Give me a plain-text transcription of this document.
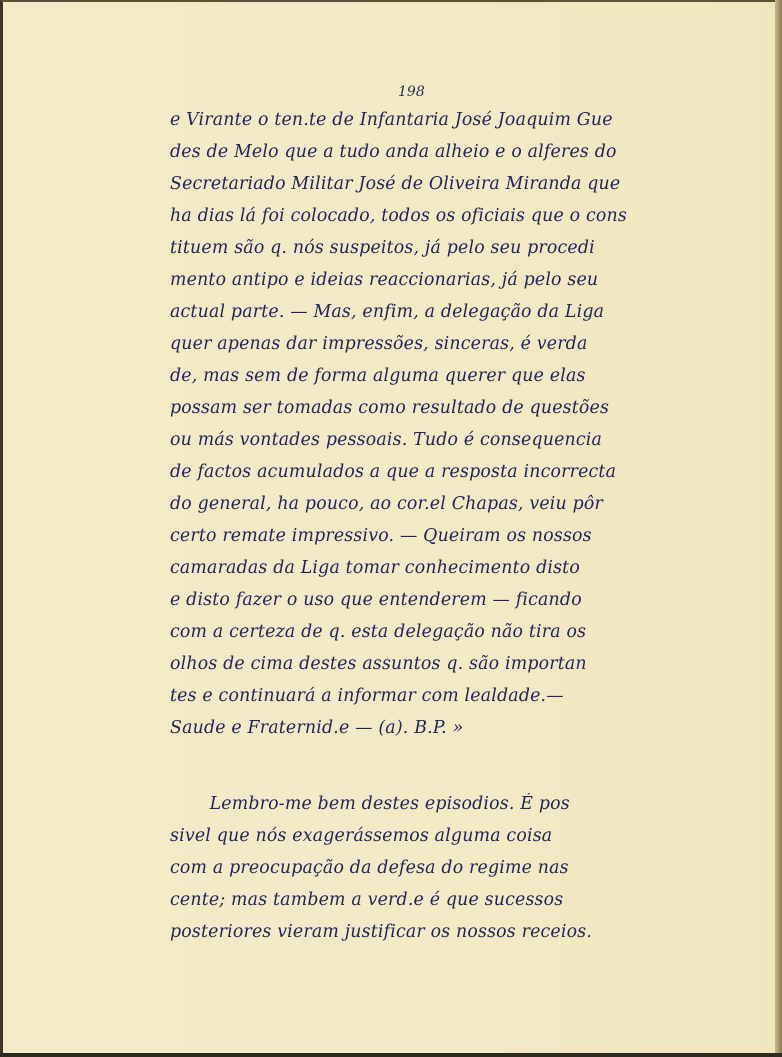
198
e Virante o ten.te de Infantaria José Joaquim Gue
des de Melo que a tudo anda alheio e o alferes do
Secretariado Militar José de Oliveira Miranda que
ha dias lá foi colocado, todos os oficiais que o cons
tituem são q. nós suspeitos, já pelo seu procedi
mento antipo e ideias reaccionarias, já pelo seu
actual parte. — Mas, enfim, a delegação da Liga
quer apenas dar impressões, sinceras, é verda
de, mas sem de forma alguma querer que elas
possam ser tomadas como resultado de questões
ou más vontades pessoais. Tudo é consequencia
de factos acumulados a que a resposta incorrecta
do general, ha pouco, ao cor.el Chapas, veiu pôr
certo remate impressivo. — Queiram os nossos
camaradas da Liga tomar conhecimento disto
e disto fazer o uso que entenderem — ficando
com a certeza de q. esta delegação não tira os
olhos de cima destes assuntos q. são importan
tes e continuará a informar com lealdade.—
Saude e Fraternid.e — (a). B.P. »
Lembro-me bem destes episodios. É pos
sivel que nós exagerássemos alguma coisa
com a preocupação da defesa do regime nas
cente; mas tambem a verd.e é que sucessos
posteriores vieram justificar os nossos receios.
